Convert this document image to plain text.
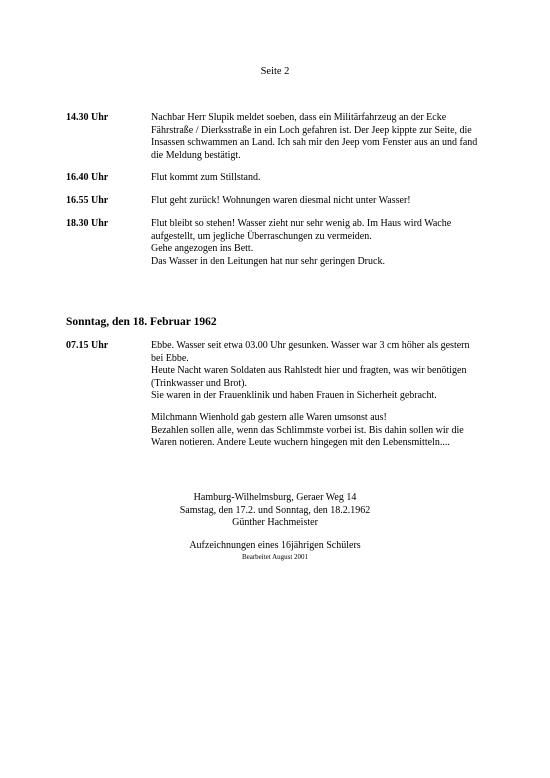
Seite 2
14.30 Uhr	Nachbar Herr Slupik meldet soeben, dass ein Militärfahrzeug an der Ecke

Fährstraße / Dierksstraße in ein Loch gefahren ist. Der Jeep kippte zur Seite, die

Insassen schwammen an Land. Ich sah mir den Jeep vom Fenster aus an und fand

die Meldung bestätigt.

16.40 Uhr	Flut kommt zum Stillstand.

16.55 Uhr	Flut geht zurück! Wohnungen waren diesmal nicht unter Wasser!

18.30 Uhr	Flut bleibt so stehen! Wasser zieht nur sehr wenig ab. Im Haus wird Wache

aufgestellt, um jegliche Überraschungen zu vermeiden.

Gehe angezogen ins Bett.

Das Wasser in den Leitungen hat nur sehr geringen Druck.

Sonntag, den 18. Februar 1962
07.15 Uhr	Ebbe. Wasser seit etwa 03.00 Uhr gesunken. Wasser war 3 cm höher als gestern

bei Ebbe.

Heute Nacht waren Soldaten aus Rahlstedt hier und fragten, was wir benötigen

(Trinkwasser und Brot).

Sie waren in der Frauenklinik und haben Frauen in Sicherheit gebracht.

Milchmann Wienhold gab gestern alle Waren umsonst aus!

Bezahlen sollen alle, wenn das Schlimmste vorbei ist. Bis dahin sollen wir die

Waren notieren. Andere Leute wuchern hingegen mit den Lebensmitteln....

Hamburg-Wilhelmsburg, Geraer Weg 14

Samstag, den 17.2. und Sonntag, den 18.2.1962

Günther Hachmeister

Aufzeichnungen eines 16jährigen Schülers

Bearbeitet August 2001
